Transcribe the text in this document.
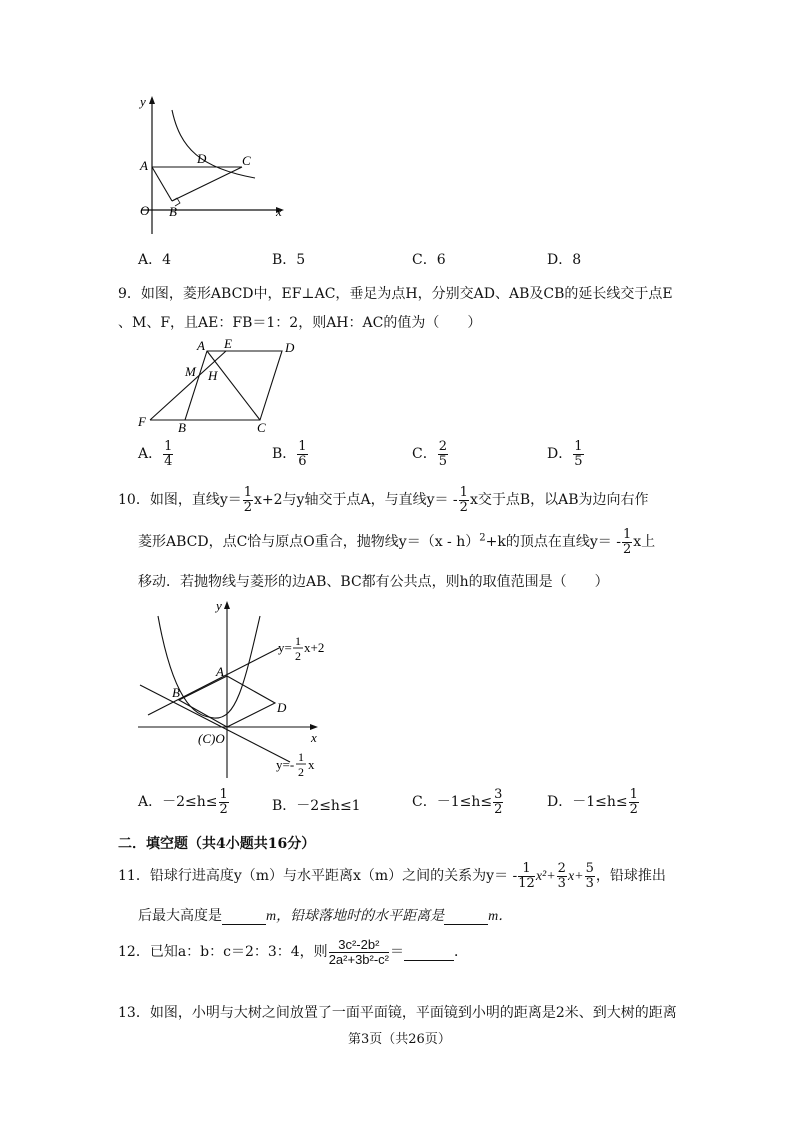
y
x
O
A
B
C
D
A．4	B．5	C．6	D．8
9．如图，菱形ABCD中，EF⊥AC，垂足为点H，分别交AD、AB及CB的延长线交于点E
、M、F，且AE：FB＝1：2，则AH：AC的值为（　　）
A E	D
M H
F B	C
A． $\frac{1}{4}$	B． $\frac{1}{6}$	C． $\frac{2}{5}$	D． $\frac{1}{5}$
10．如图，直线$y= \frac{1}{2} x+2$与y轴交于点A，与直线$y= - \frac{1}{2}$ x交于点B，以AB为边向右作
菱形ABCD，点C恰与原点O重合，抛物线y＝（x - h）$^2$+k的顶点在直线$y= - \frac{1}{2}$ x上
移动．若抛物线与菱形的边AB、BC都有公共点，则h的取值范围是（　　）
y
x
A
B
D
(C)O
y= 1
2
x+2
y=- 1
2 x
A．$-2\le h\le \frac{1}{2}$	B．－2≤h≤1	C．$-1\le h\le \frac{3}{2}$	D．$-1\le h\le \frac{1}{2}$
二．填空题（共4小题共16分）
11．铅球行进高度y（m）与水平距离x（m）之间的关系为$y= - \frac{1}{12} x^2+ \frac{2}{3} x+ \frac{5}{3}$ ，铅球推出
后最大高度是	m，铅球落地时的水平距离是	m．
12．已知a：b：c＝2：3：4，则 $\frac{\text{3c²-2b²}}{\text{2a²+3b²-c²}}$ ＝	．
13．如图，小明与大树之间放置了一面平面镜，平面镜到小明的距离是2米、到大树的距离
第3页（共26页）
